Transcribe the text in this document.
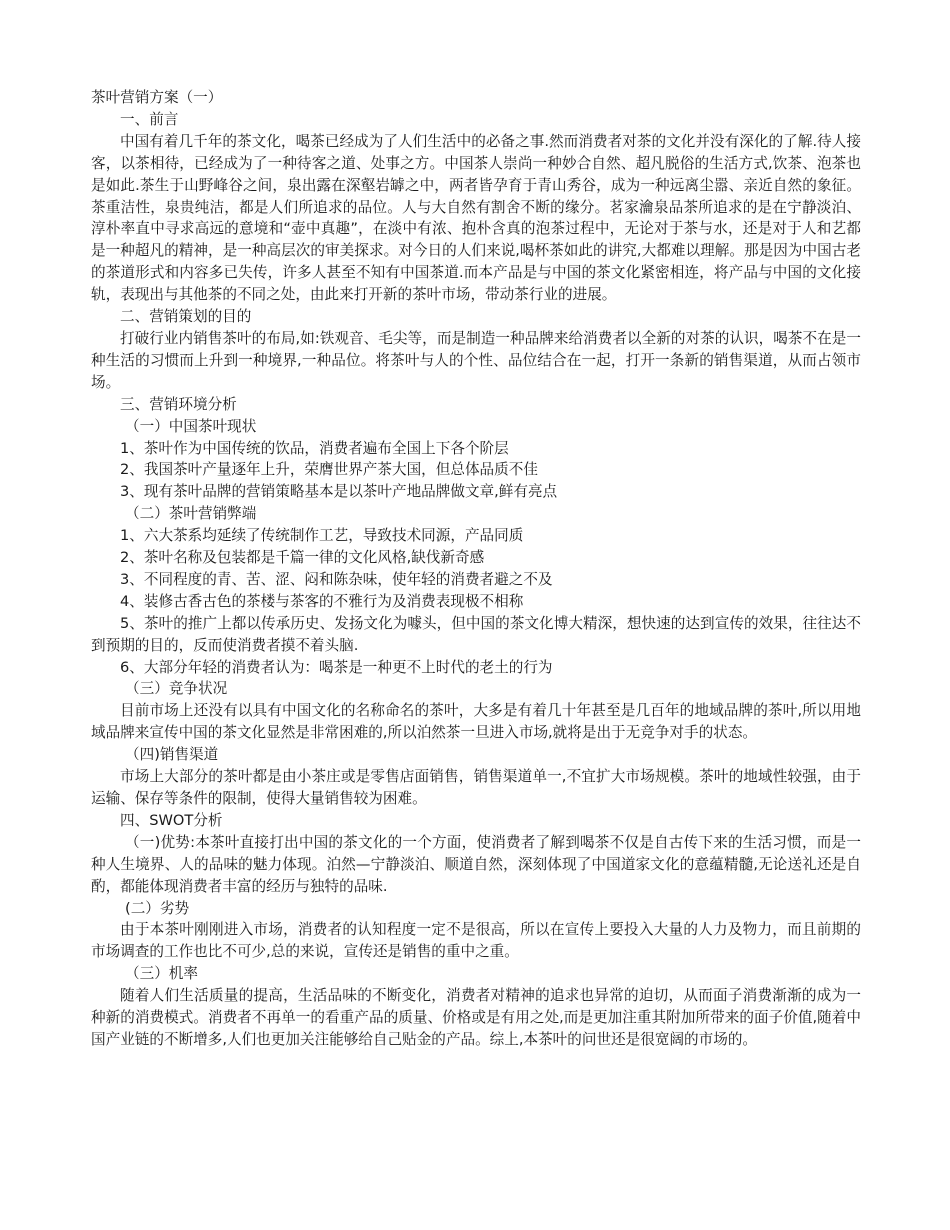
茶叶营销方案（一）

一、前言

中国有着几千年的茶文化，喝茶已经成为了人们生活中的必备之事.然而消费者对茶的文化并没有深化的了解.待人接客，以茶相待，已经成为了一种待客之道、处事之方。中国茶人崇尚一种妙合自然、超凡脱俗的生活方式,饮茶、泡茶也是如此.茶生于山野峰谷之间，泉出露在深壑岩罅之中，两者皆孕育于青山秀谷，成为一种远离尘嚣、亲近自然的象征。茶重洁性，泉贵纯洁，都是人们所追求的品位。人与大自然有割舍不断的缘分。茗家瀹泉品茶所追求的是在宁静淡泊、淳朴率直中寻求高远的意境和“壶中真趣”，在淡中有浓、抱朴含真的泡茶过程中，无论对于茶与水，还是对于人和艺都是一种超凡的精神，是一种高层次的审美探求。对今日的人们来说,喝杯茶如此的讲究,大都难以理解。那是因为中国古老的茶道形式和内容多已失传，许多人甚至不知有中国茶道.而本产品是与中国的茶文化紧密相连，将产品与中国的文化接轨，表现出与其他茶的不同之处，由此来打开新的茶叶市场，带动茶行业的进展。

二、营销策划的目的

打破行业内销售茶叶的布局,如:铁观音、毛尖等，而是制造一种品牌来给消费者以全新的对茶的认识，喝茶不在是一种生活的习惯而上升到一种境界,一种品位。将茶叶与人的个性、品位结合在一起，打开一条新的销售渠道，从而占领市场。

三、营销环境分析

（一）中国茶叶现状

1、茶叶作为中国传统的饮品，消费者遍布全国上下各个阶层

2、我国茶叶产量逐年上升，荣膺世界产茶大国，但总体品质不佳

3、现有茶叶品牌的营销策略基本是以茶叶产地品牌做文章,鲜有亮点

（二）茶叶营销弊端

1、六大茶系均延续了传统制作工艺，导致技术同源，产品同质

2、茶叶名称及包装都是千篇一律的文化风格,缺伐新奇感

3、不同程度的青、苦、涩、闷和陈杂味，使年轻的消费者避之不及

4、装修古香古色的茶楼与茶客的不雅行为及消费表现极不相称

5、茶叶的推广上都以传承历史、发扬文化为噱头，但中国的茶文化博大精深，想快速的达到宣传的效果，往往达不到预期的目的，反而使消费者摸不着头脑.

6、大部分年轻的消费者认为：喝茶是一种更不上时代的老土的行为

（三）竞争状况

目前市场上还没有以具有中国文化的名称命名的茶叶，大多是有着几十年甚至是几百年的地域品牌的茶叶,所以用地域品牌来宣传中国的茶文化显然是非常困难的,所以泊然茶一旦进入市场,就将是出于无竞争对手的状态。

（四)销售渠道

市场上大部分的茶叶都是由小茶庄或是零售店面销售，销售渠道单一,不宜扩大市场规模。茶叶的地域性较强，由于运输、保存等条件的限制，使得大量销售较为困难。

四、SWOT分析

（一)优势:本茶叶直接打出中国的茶文化的一个方面，使消费者了解到喝茶不仅是自古传下来的生活习惯，而是一种人生境界、人的品味的魅力体现。泊然—宁静淡泊、顺道自然，深刻体现了中国道家文化的意蕴精髓,无论送礼还是自酌，都能体现消费者丰富的经历与独特的品味.

(二）劣势

由于本茶叶刚刚进入市场，消费者的认知程度一定不是很高，所以在宣传上要投入大量的人力及物力，而且前期的市场调查的工作也比不可少,总的来说，宣传还是销售的重中之重。

（三）机率

随着人们生活质量的提高，生活品味的不断变化，消费者对精神的追求也异常的迫切，从而面子消费渐渐的成为一种新的消费模式。消费者不再单一的看重产品的质量、价格或是有用之处,而是更加注重其附加所带来的面子价值,随着中国产业链的不断增多,人们也更加关注能够给自己贴金的产品。综上,本茶叶的问世还是很宽阔的市场的。
